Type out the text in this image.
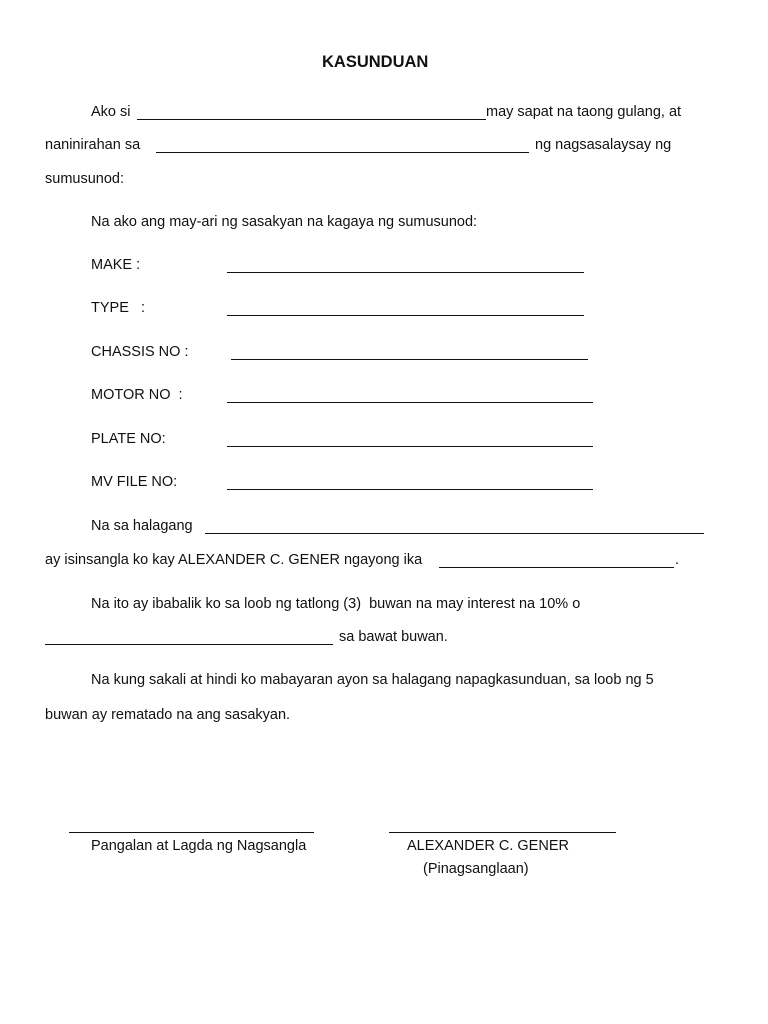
KASUNDUAN
Ako si	may sapat na taong gulang, at
naninirahan sa	ng nagsasalaysay ng
sumusunod:
Na ako ang may-ari ng sasakyan na kagaya ng sumusunod:
MAKE :
TYPE   :
CHASSIS NO :
MOTOR NO  :
PLATE NO:
MV FILE NO:
Na sa halagang
ay isinsangla ko kay ALEXANDER C. GENER ngayong ika	.
Na ito ay ibabalik ko sa loob ng tatlong (3)  buwan na may interest na 10% o
sa bawat buwan.
Na kung sakali at hindi ko mabayaran ayon sa halagang napagkasunduan, sa loob ng 5
buwan ay rematado na ang sasakyan.
Pangalan at Lagda ng Nagsangla	ALEXANDER C. GENER
(Pinagsanglaan)
